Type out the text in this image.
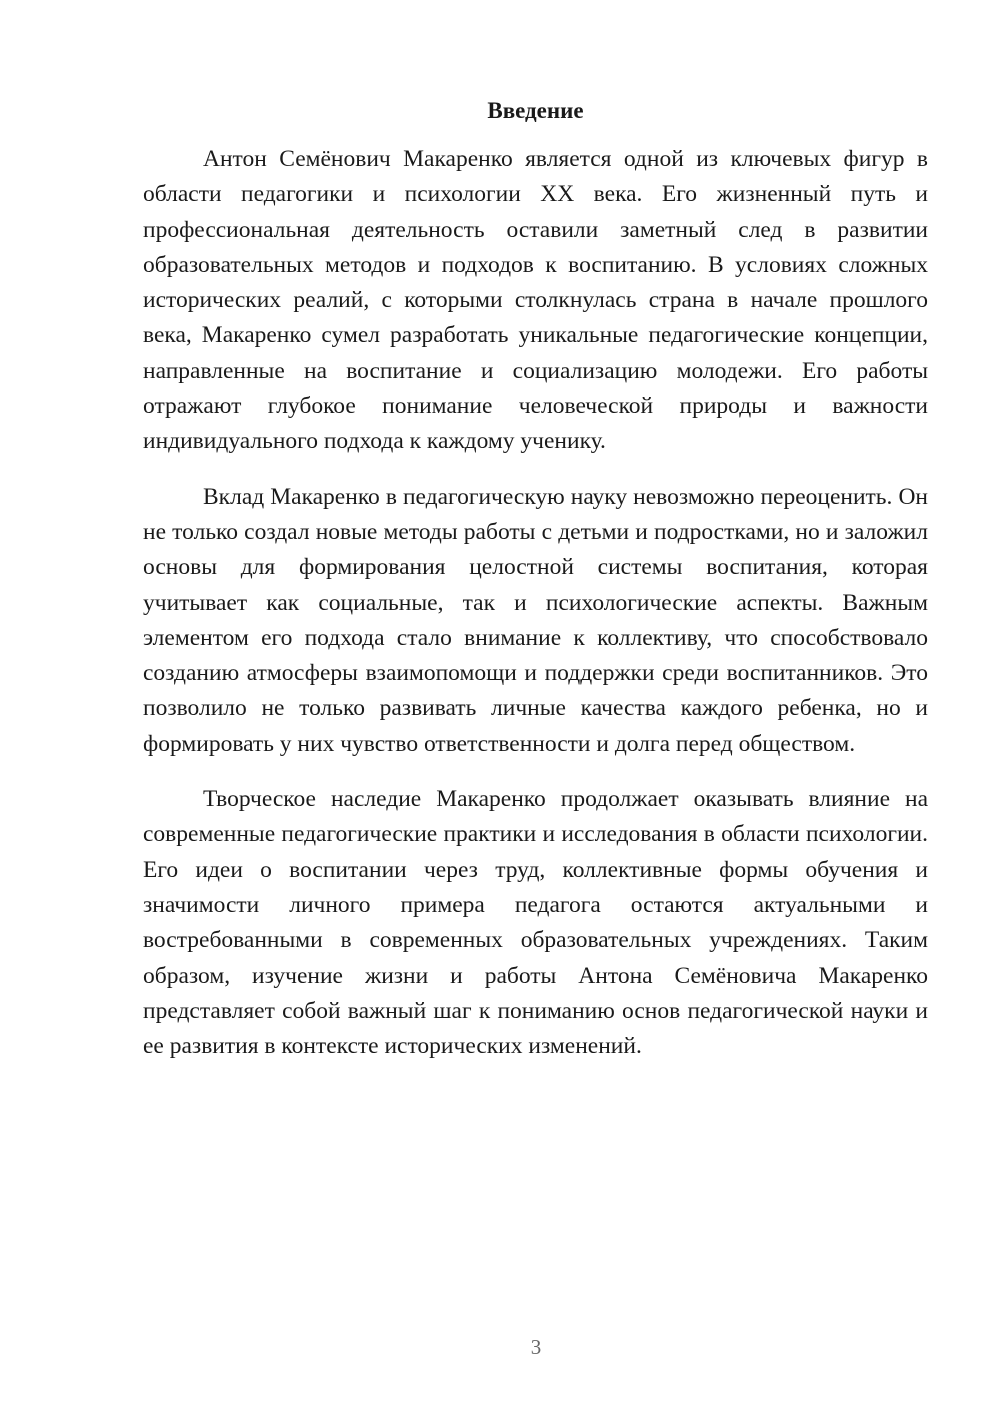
Введение

Антон Семёнович Макаренко является одной из ключевых фигур в области педагогики и психологии XX века. Его жизненный путь и профессиональная деятельность оставили заметный след в развитии образовательных методов и подходов к воспитанию. В условиях сложных исторических реалий, с которыми столкнулась страна в начале прошлого века, Макаренко сумел разработать уникальные педагогические концепции, направленные на воспитание и социализацию молодежи. Его работы отражают глубокое понимание человеческой природы и важности индивидуального подхода к каждому ученику.

Вклад Макаренко в педагогическую науку невозможно переоценить. Он не только создал новые методы работы с детьми и подростками, но и заложил основы для формирования целостной системы воспитания, которая учитывает как социальные, так и психологические аспекты. Важным элементом его подхода стало внимание к коллективу, что способствовало созданию атмосферы взаимопомощи и поддержки среди воспитанников. Это позволило не только развивать личные качества каждого ребенка, но и формировать у них чувство ответственности и долга перед обществом.

Творческое наследие Макаренко продолжает оказывать влияние на современные педагогические практики и исследования в области психологии. Его идеи о воспитании через труд, коллективные формы обучения и значимости личного примера педагога остаются актуальными и востребованными в современных образовательных учреждениях. Таким образом, изучение жизни и работы Антона Семёновича Макаренко представляет собой важный шаг к пониманию основ педагогической науки и ее развития в контексте исторических изменений.

3
